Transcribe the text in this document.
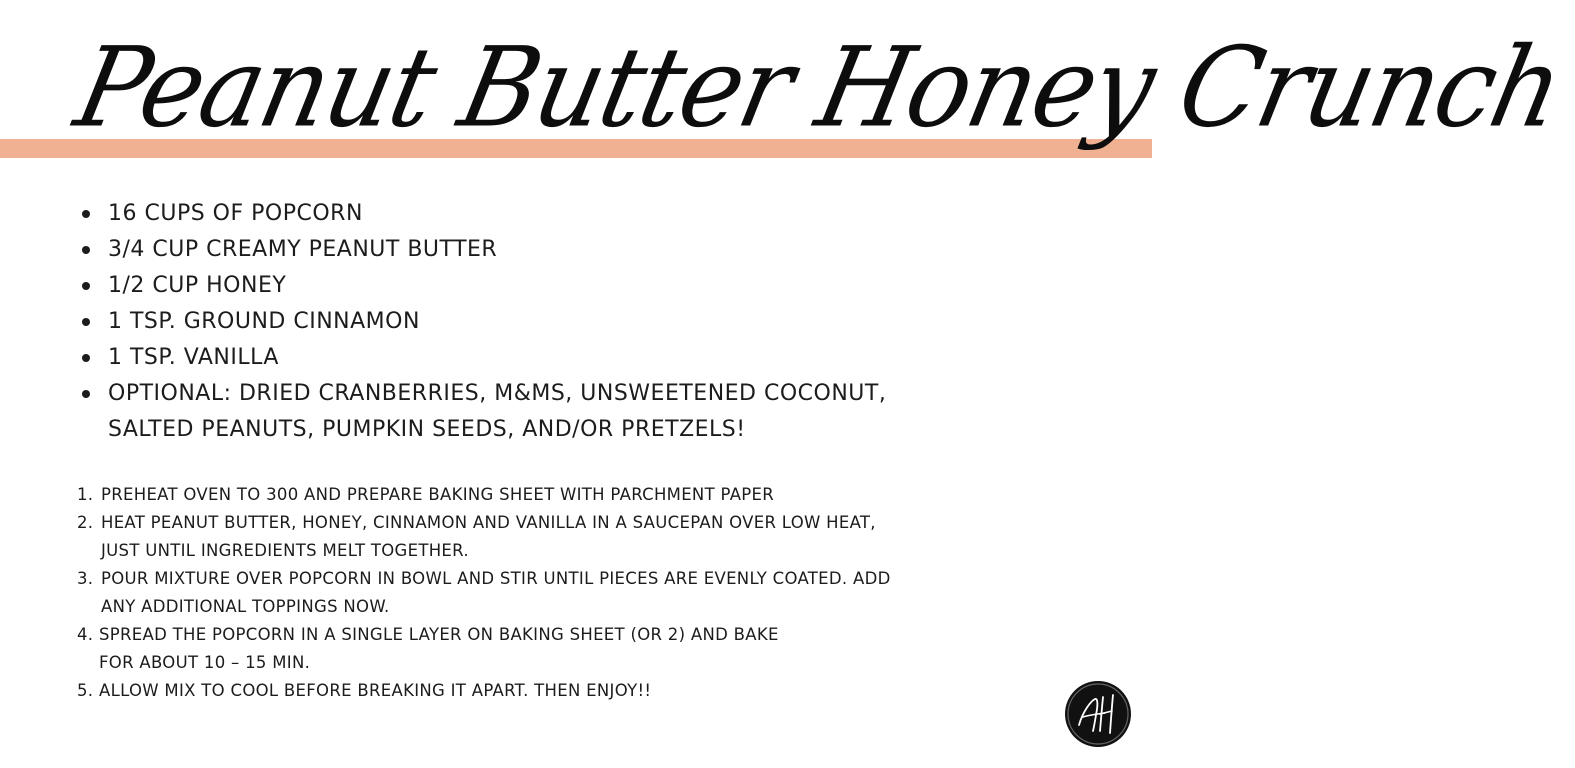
Peanut Butter Honey Crunch
16 CUPS OF POPCORN
3/4 CUP CREAMY PEANUT BUTTER
1/2 CUP HONEY
1 TSP. GROUND CINNAMON
1 TSP. VANILLA
OPTIONAL: DRIED CRANBERRIES, M&MS, UNSWEETENED COCONUT,
SALTED PEANUTS, PUMPKIN SEEDS, AND/OR PRETZELS!
1. PREHEAT OVEN TO 300 AND PREPARE BAKING SHEET WITH PARCHMENT PAPER
2. HEAT PEANUT BUTTER, HONEY, CINNAMON AND VANILLA IN A SAUCEPAN OVER LOW HEAT,
JUST UNTIL INGREDIENTS MELT TOGETHER.
3. POUR MIXTURE OVER POPCORN IN BOWL AND STIR UNTIL PIECES ARE EVENLY COATED. ADD
ANY ADDITIONAL TOPPINGS NOW.
4. SPREAD THE POPCORN IN A SINGLE LAYER ON BAKING SHEET (OR 2) AND BAKE
FOR ABOUT 10 – 15 MIN.
5. ALLOW MIX TO COOL BEFORE BREAKING IT APART. THEN ENJOY!!
